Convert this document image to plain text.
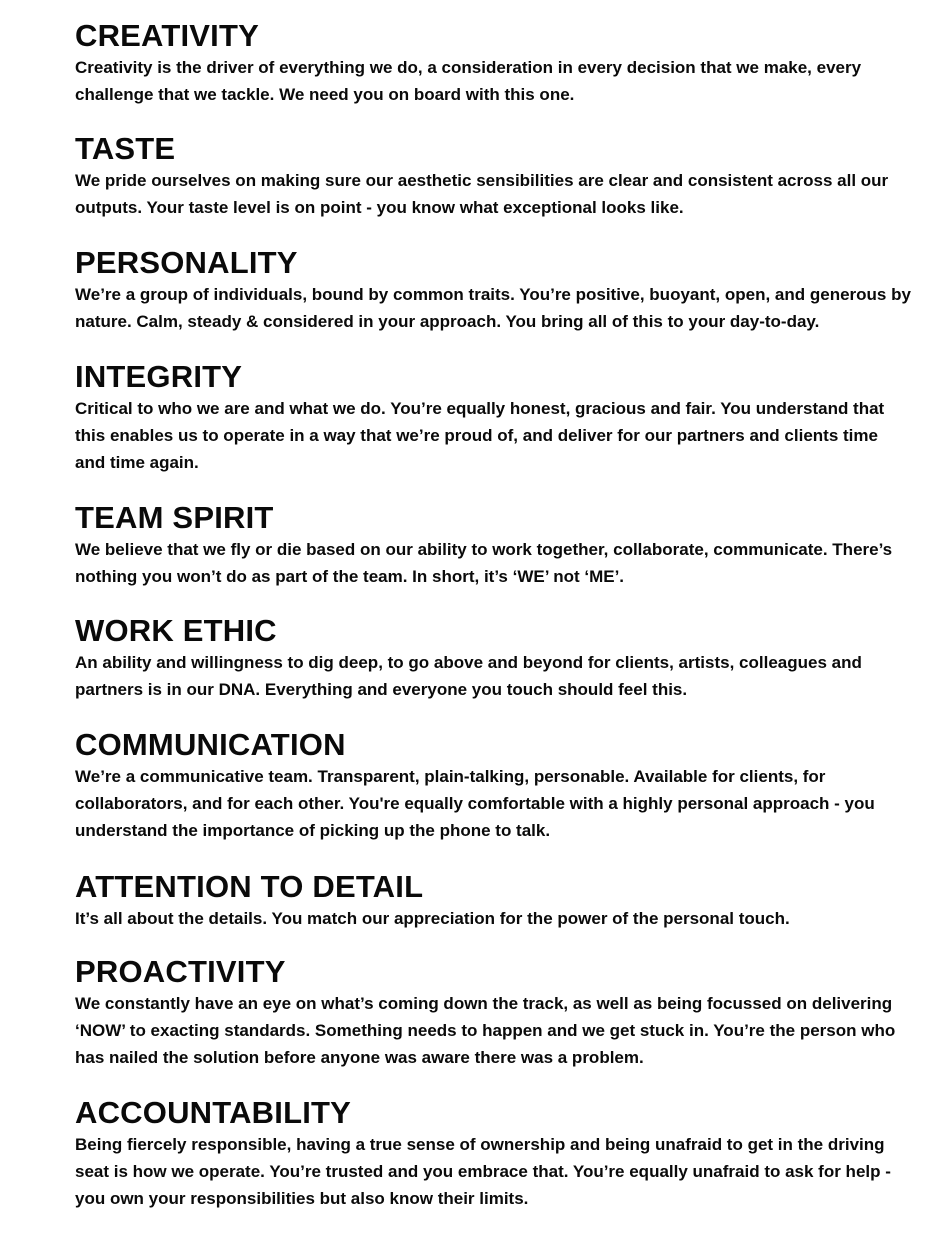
CREATIVITY

Creativity is the driver of everything we do, a consideration in every decision that we make, every challenge that we tackle. We need you on board with this one.

TASTE

We pride ourselves on making sure our aesthetic sensibilities are clear and consistent across all our outputs. Your taste level is on point - you know what exceptional looks like.

PERSONALITY

We’re a group of individuals, bound by common traits. You’re positive, buoyant, open, and generous by nature. Calm, steady & considered in your approach. You bring all of this to your day-to-day.

INTEGRITY

Critical to who we are and what we do. You’re equally honest, gracious and fair. You understand that this enables us to operate in a way that we’re proud of, and deliver for our partners and clients time and time again.

TEAM SPIRIT

We believe that we fly or die based on our ability to work together, collaborate, communicate. There’s nothing you won’t do as part of the team. In short, it’s ‘WE’ not ‘ME’.

WORK ETHIC

An ability and willingness to dig deep, to go above and beyond for clients, artists, colleagues and partners is in our DNA. Everything and everyone you touch should feel this.

COMMUNICATION

We’re a communicative team. Transparent, plain-talking, personable. Available for clients, for collaborators, and for each other. You're equally comfortable with a highly personal approach - you understand the importance of picking up the phone to talk.

ATTENTION TO DETAIL

It’s all about the details. You match our appreciation for the power of the personal touch.

PROACTIVITY

We constantly have an eye on what’s coming down the track, as well as being focussed on delivering ‘NOW’ to exacting standards. Something needs to happen and we get stuck in. You’re the person who has nailed the solution before anyone was aware there was a problem.

ACCOUNTABILITY

Being fiercely responsible, having a true sense of ownership and being unafraid to get in the driving seat is how we operate. You’re trusted and you embrace that. You’re equally unafraid to ask for help - you own your responsibilities but also know their limits.
